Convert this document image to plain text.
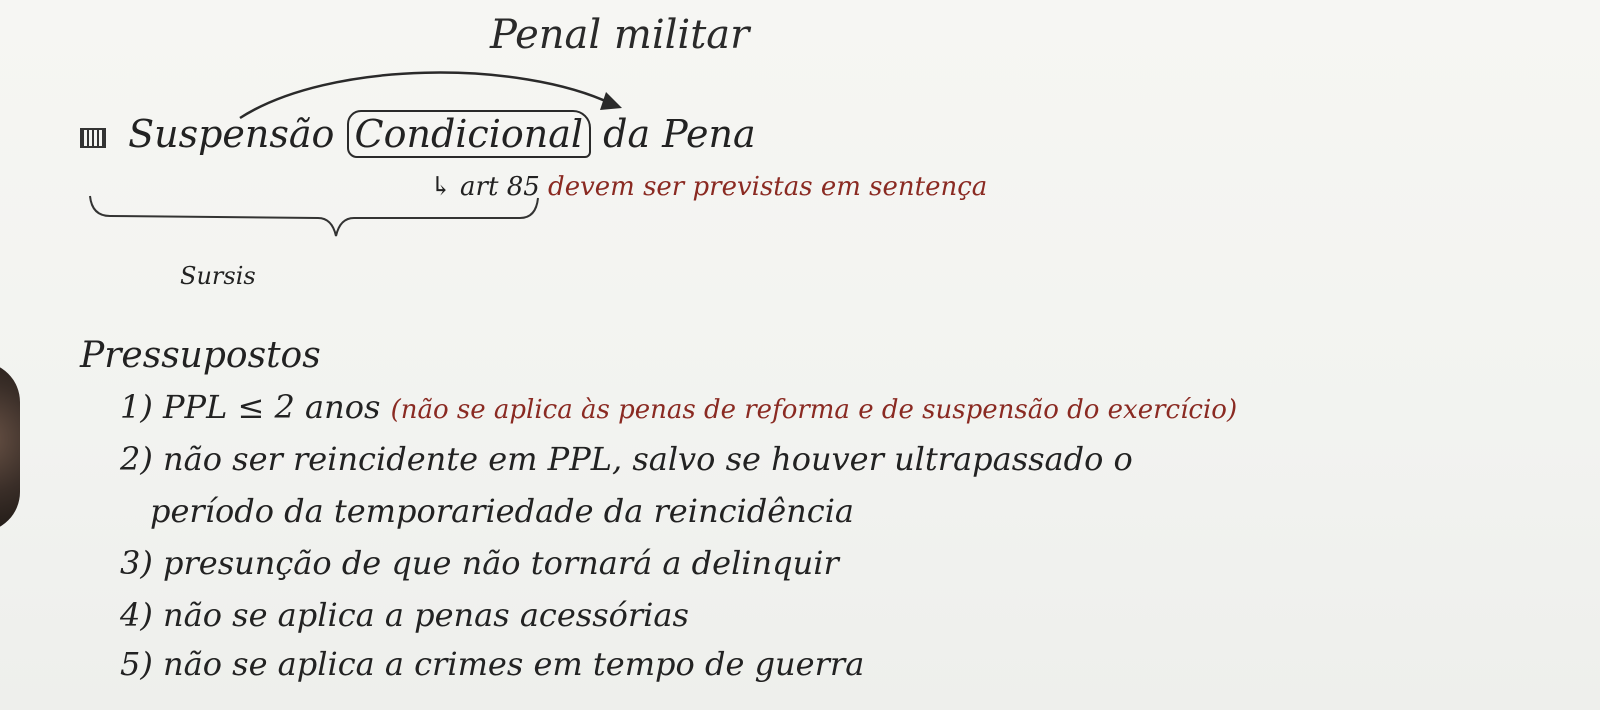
Penal militar
Suspensão Condicional da Pena
↳ art 85 devem ser previstas em sentença
Sursis
Pressupostos
1) PPL ≤ 2 anos (não se aplica às penas de reforma e de suspensão do exercício)
2) não ser reincidente em PPL, salvo se houver ultrapassado o
período da temporariedade da reincidência
3) presunção de que não tornará a delinquir
4) não se aplica a penas acessórias
5) não se aplica a crimes em tempo de guerra
